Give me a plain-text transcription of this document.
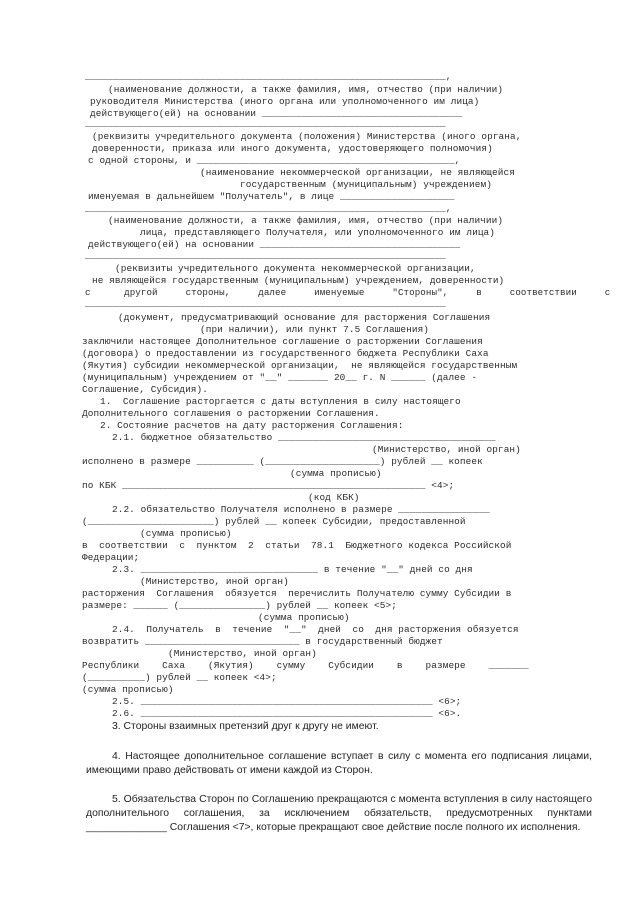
_______________________________________________________________,
(наименование должности, а также фамилия, имя, отчество (при наличии)
руководителя Министерства (иного органа или уполномоченного им лица)
действующего(ей) на основании ___________________________________
_______________________________________________________________
(реквизиты учредительного документа (положения) Министерства (иного органа,
доверенности, приказа или иного документа, удостоверяющего полномочия)
с одной стороны, и _____________________________________________,
(наименование некоммерческой организации, не являющейся
государственным (муниципальным) учреждением)
именуемая в дальнейшем "Получатель", в лице ____________________
_______________________________________________________________,
(наименование должности, а также фамилия, имя, отчество (при наличии)
лица, представляющего Получателя, или уполномоченного им лица)
действующего(ей) на основании ___________________________________
_______________________________________________________________
(реквизиты учредительного документа некоммерческой организации,
не являющейся государственным (муниципальным) учреждением, доверенности)
с      другой     стороны,     далее     именуемые     "Стороны",     в     соответствии     с
_______________________________________________________________
(документ, предусматривающий основание для расторжения Соглашения
(при наличии), или пункт 7.5 Соглашения)
заключили настоящее Дополнительное соглашение о расторжении Соглашения
(договора) о предоставлении из государственного бюджета Республики Саха
(Якутия) субсидии некоммерческой организации,  не являющейся государственным
(муниципальным) учреждением от "__" _______ 20__ г. N ______ (далее -
Соглашение, Субсидия).
1.  Соглашение расторгается с даты вступления в силу настоящего
Дополнительного соглашения о расторжении Соглашения.
2. Состояние расчетов на дату расторжения Соглашения:
2.1. бюджетное обязательство ______________________________________
(Министерство, иной орган)
исполнено в размере __________ (____________________) рублей __ копеек
(сумма прописью)
по КБК _____________________________________________________ <4>;
(код КБК)
2.2. обязательство Получателя исполнено в размере ________________
(______________________) рублей __ копеек Субсидии, предоставленной
(сумма прописью)
в  соответствии  с  пунктом  2  статьи  78.1  Бюджетного кодекса Российской
Федерации;
2.3. _______________________________ в течение "__" дней со дня
(Министерство, иной орган)
расторжения  Соглашения  обязуется  перечислить Получателю сумму Субсидии в
размере: ______ (_______________) рублей __ копеек <5>;
(сумма прописью)
2.4.  Получатель  в  течение  "__"  дней  со  дня расторжения обязуется
возвратить ___________________________ в государственный бюджет
(Министерство, иной орган)
Республики    Саха    (Якутия)    сумму    Субсидии    в    размере    _______
(__________) рублей __ копеек <4>;
(сумма прописью)
2.5. ___________________________________________________ <6>;
2.6. ___________________________________________________ <6>.
3. Стороны взаимных претензий друг к другу не имеют.
4. Настоящее дополнительное соглашение вступает в силу с момента его подписания лицами, имеющими право действовать от имени каждой из Сторон.
5. Обязательства Сторон по Соглашению прекращаются с момента вступления в силу настоящего дополнительного соглашения, за исключением обязательств, предусмотренных пунктами ______________ Соглашения <7>, которые прекращают свое действие после полного их исполнения.
